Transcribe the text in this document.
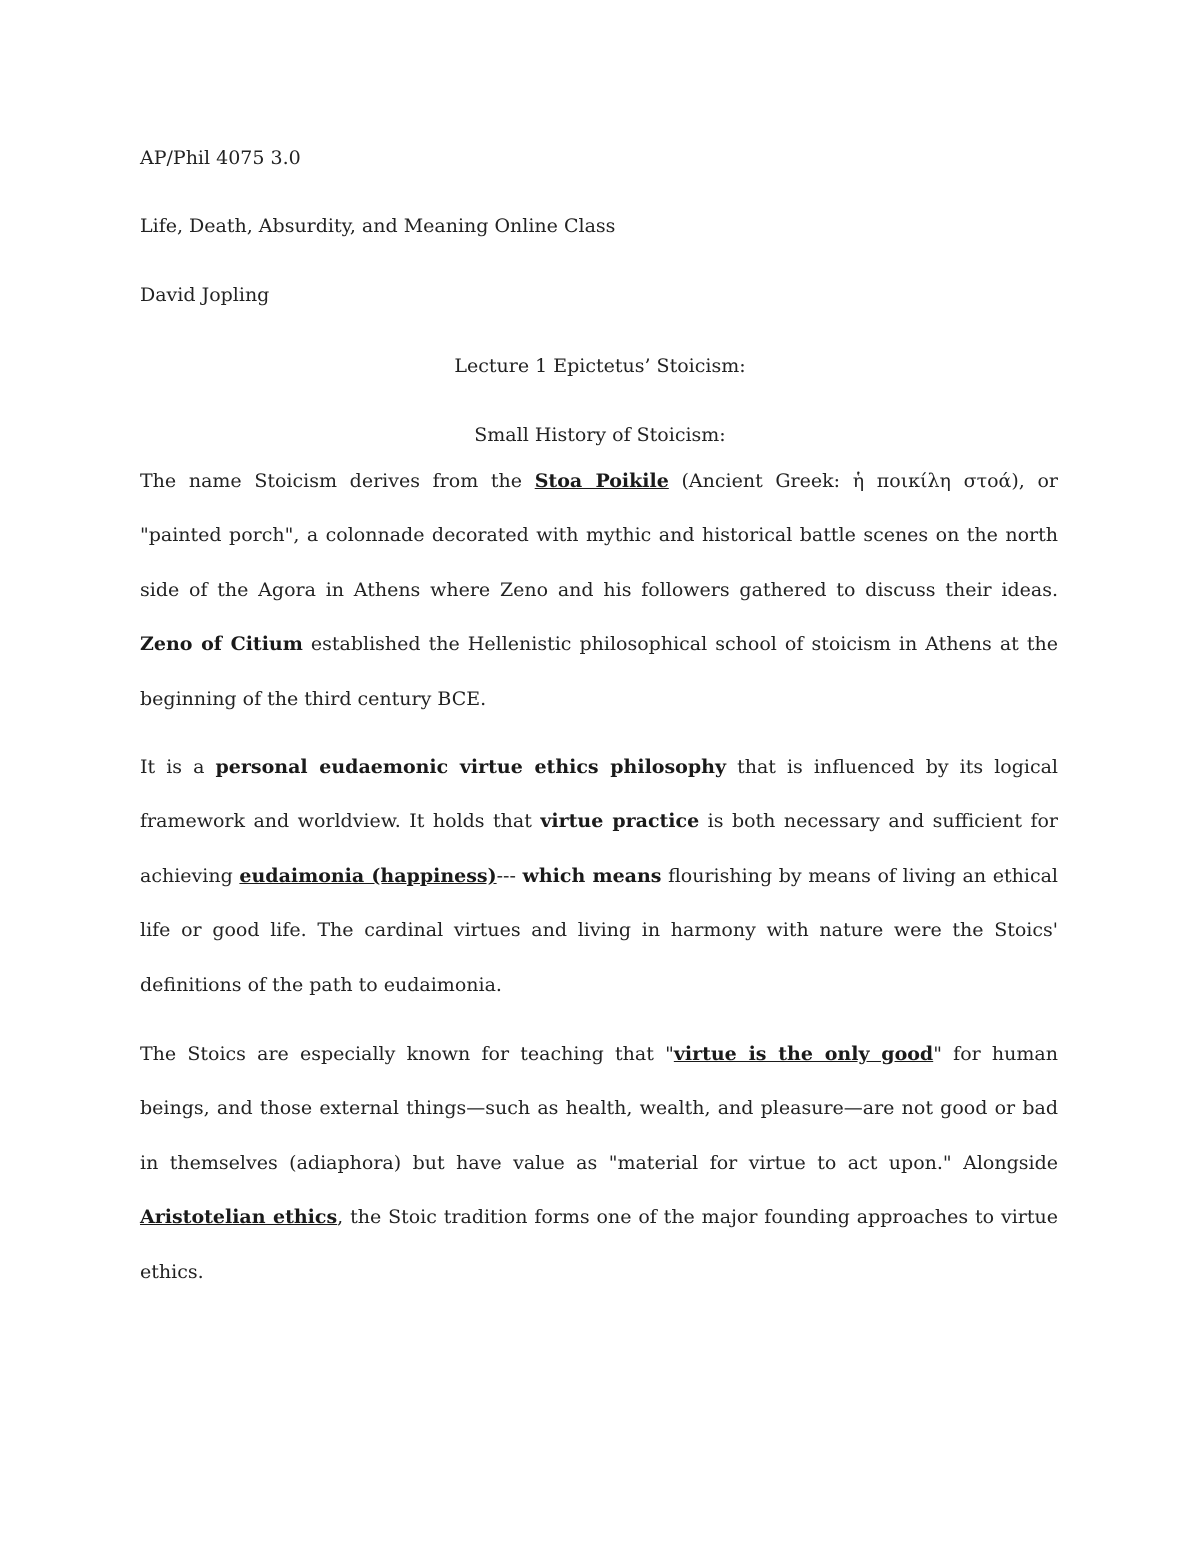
AP/Phil 4075 3.0

Life, Death, Absurdity, and Meaning Online Class

David Jopling

Lecture 1 Epictetus’ Stoicism:

Small History of Stoicism:

The name Stoicism derives from the Stoa Poikile (Ancient Greek: ἡ ποικίλη στοά), or "painted porch", a colonnade decorated with mythic and historical battle scenes on the north side of the Agora in Athens where Zeno and his followers gathered to discuss their ideas. Zeno of Citium established the Hellenistic philosophical school of stoicism in Athens at the beginning of the third century BCE.

It is a personal eudaemonic virtue ethics philosophy that is influenced by its logical framework and worldview. It holds that virtue practice is both necessary and sufficient for achieving eudaimonia (happiness)--- which means flourishing by means of living an ethical life or good life. The cardinal virtues and living in harmony with nature were the Stoics' definitions of the path to eudaimonia.

The Stoics are especially known for teaching that "virtue is the only good" for human beings, and those external things—such as health, wealth, and pleasure—are not good or bad in themselves (adiaphora) but have value as "material for virtue to act upon." Alongside Aristotelian ethics, the Stoic tradition forms one of the major founding approaches to virtue ethics.
